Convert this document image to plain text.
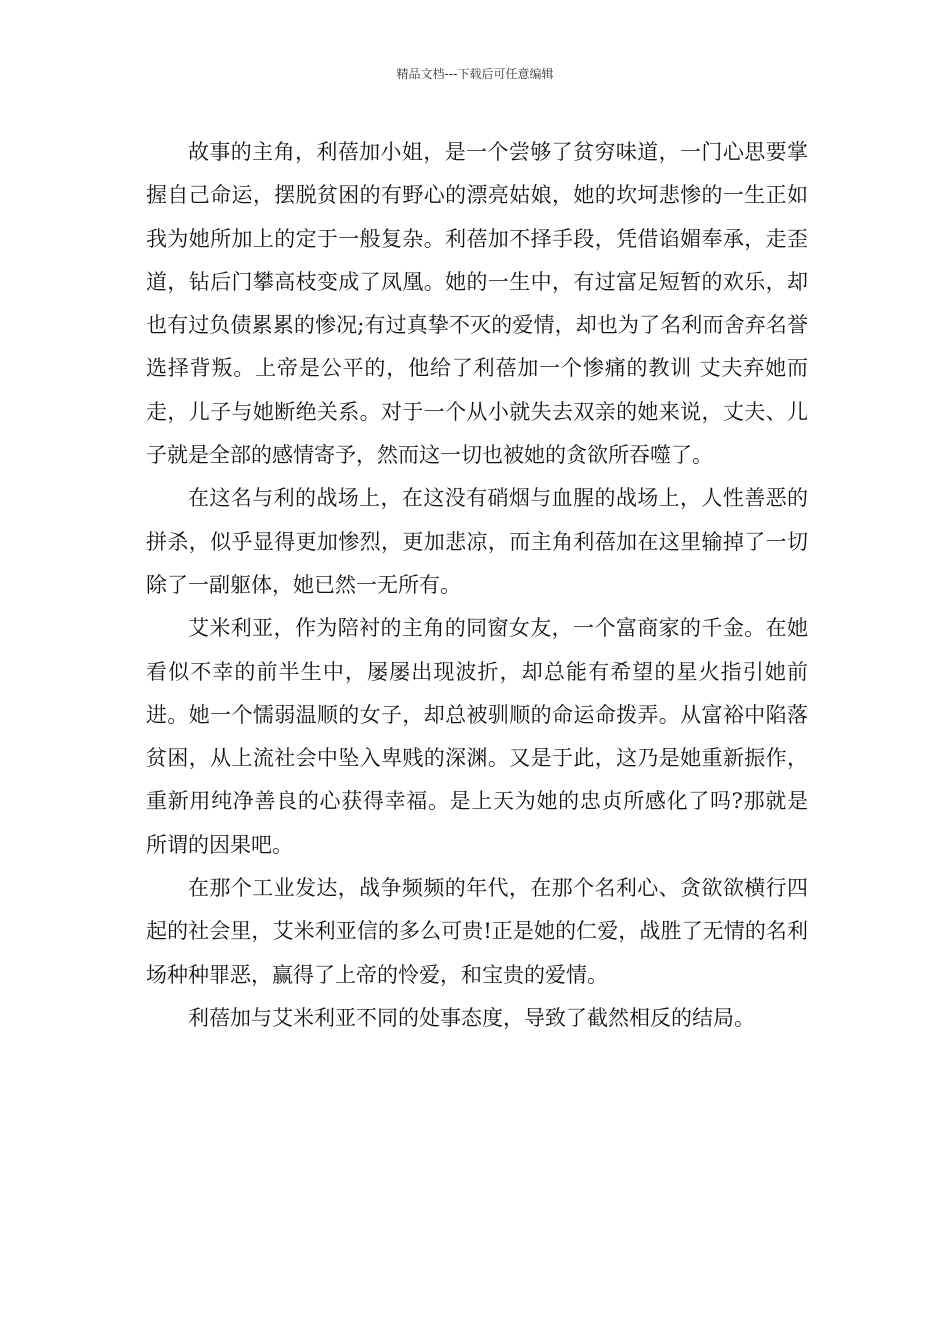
精品文档---下载后可任意编辑

故事的主角，利蓓加小姐，是一个尝够了贫穷味道，一门心思要掌握自己命运，摆脱贫困的有野心的漂亮姑娘，她的坎坷悲惨的一生正如我为她所加上的定于一般复杂。利蓓加不择手段，凭借谄媚奉承，走歪道，钻后门攀高枝变成了凤凰。她的一生中，有过富足短暂的欢乐，却也有过负债累累的惨况;有过真挚不灭的爱情，却也为了名利而舍弃名誉选择背叛。上帝是公平的，他给了利蓓加一个惨痛的教训 丈夫弃她而走，儿子与她断绝关系。对于一个从小就失去双亲的她来说，丈夫、儿子就是全部的感情寄予，然而这一切也被她的贪欲所吞噬了。

在这名与利的战场上，在这没有硝烟与血腥的战场上，人性善恶的拼杀，似乎显得更加惨烈，更加悲凉，而主角利蓓加在这里输掉了一切 除了一副躯体，她已然一无所有。

艾米利亚，作为陪衬的主角的同窗女友，一个富商家的千金。在她看似不幸的前半生中，屡屡出现波折，却总能有希望的星火指引她前进。她一个懦弱温顺的女子，却总被驯顺的命运命拨弄。从富裕中陷落贫困，从上流社会中坠入卑贱的深渊。又是于此，这乃是她重新振作，重新用纯净善良的心获得幸福。是上天为她的忠贞所感化了吗?那就是所谓的因果吧。

在那个工业发达，战争频频的年代，在那个名利心、贪欲欲横行四起的社会里，艾米利亚信的多么可贵!正是她的仁爱，战胜了无情的名利场种种罪恶，赢得了上帝的怜爱，和宝贵的爱情。

利蓓加与艾米利亚不同的处事态度，导致了截然相反的结局。
